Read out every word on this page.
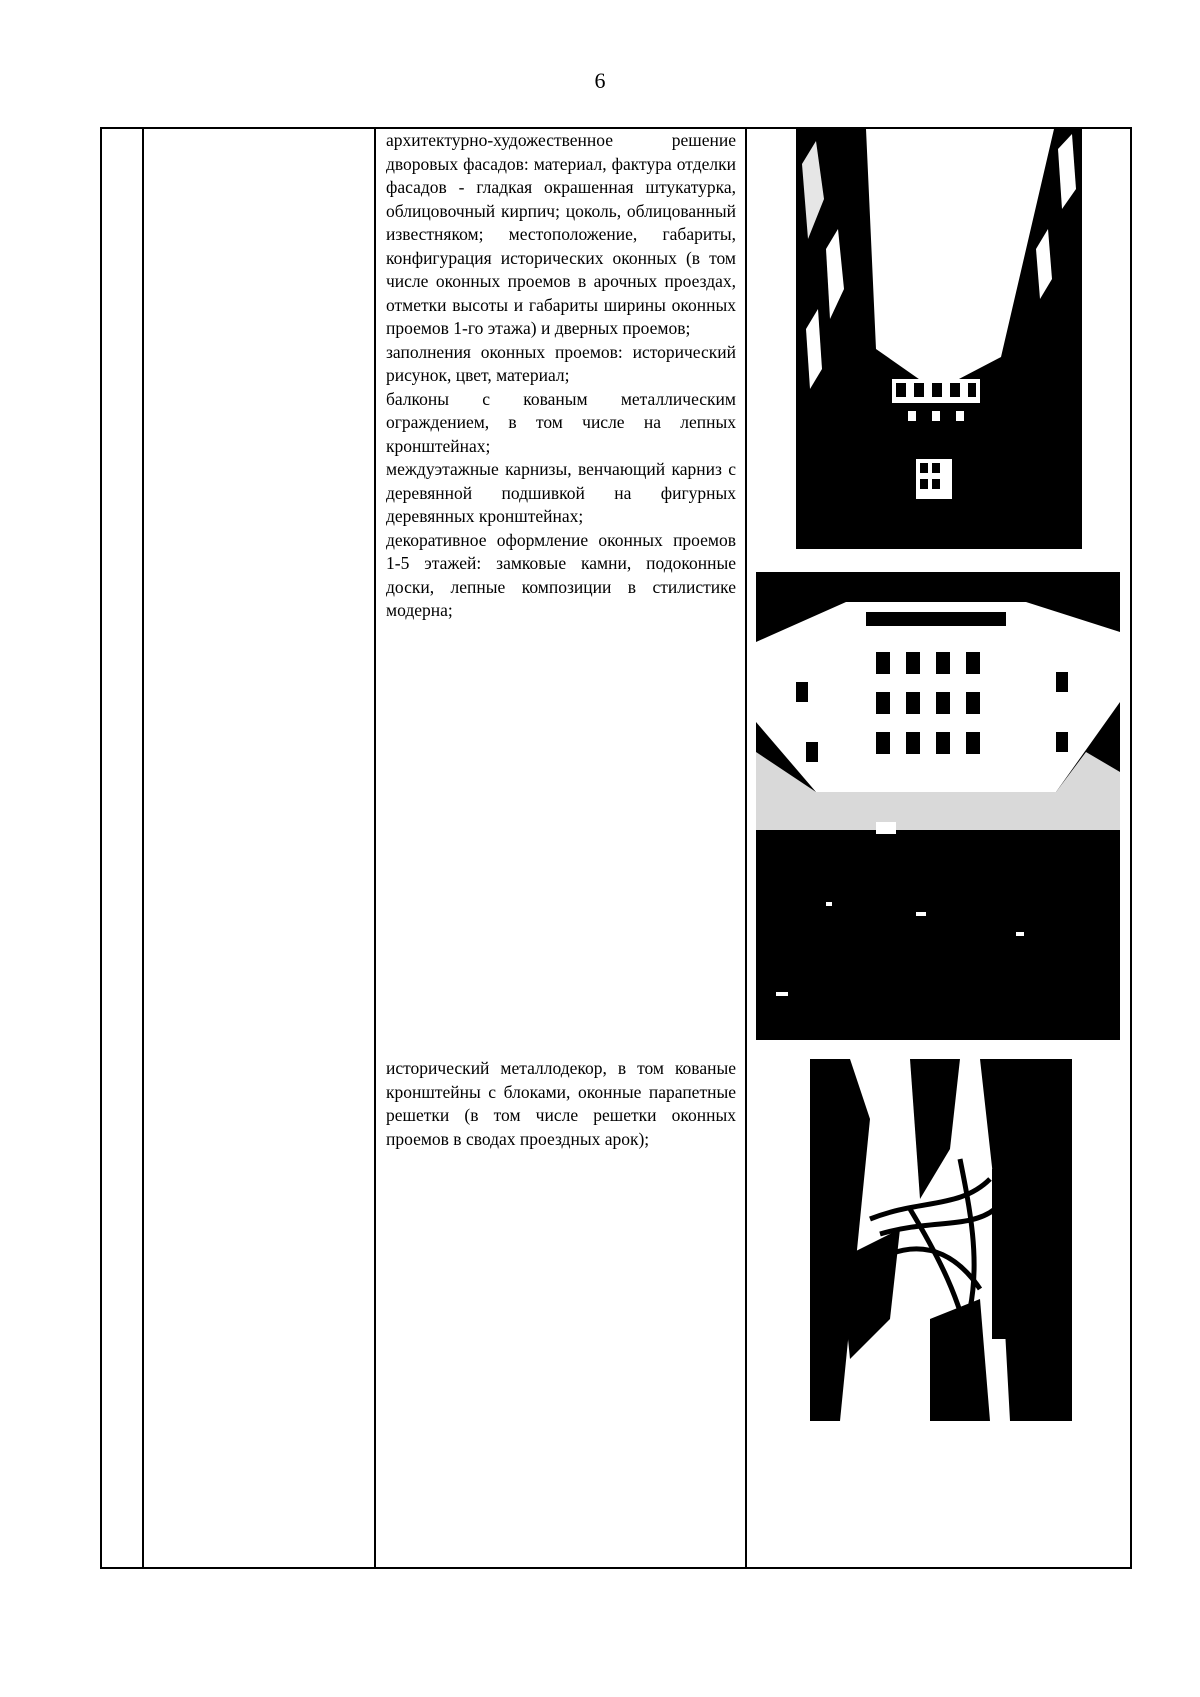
6

архитектурно-художественное решение дворовых фасадов: материал, фактура отделки фасадов - гладкая окрашенная штукатурка, облицовочный кирпич; цоколь, облицованный известняком; местоположение, габариты, конфигурация исторических оконных (в том числе оконных проемов в арочных проездах, отметки высоты и габариты ширины оконных проемов 1-го этажа) и дверных проемов;
заполнения оконных проемов: исторический рисунок, цвет, материал;
балконы с кованым металлическим ограждением, в том числе на лепных кронштейнах;
междуэтажные карнизы, венчающий карниз с деревянной подшивкой на фигурных деревянных кронштейнах;
декоративное оформление оконных проемов 1-5 этажей: замковые камни, подоконные доски, лепные композиции в стилистике модерна;

исторический металлодекор, в том кованые кронштейны с блоками, оконные парапетные решетки (в том числе решетки оконных проемов в сводах проездных арок);
